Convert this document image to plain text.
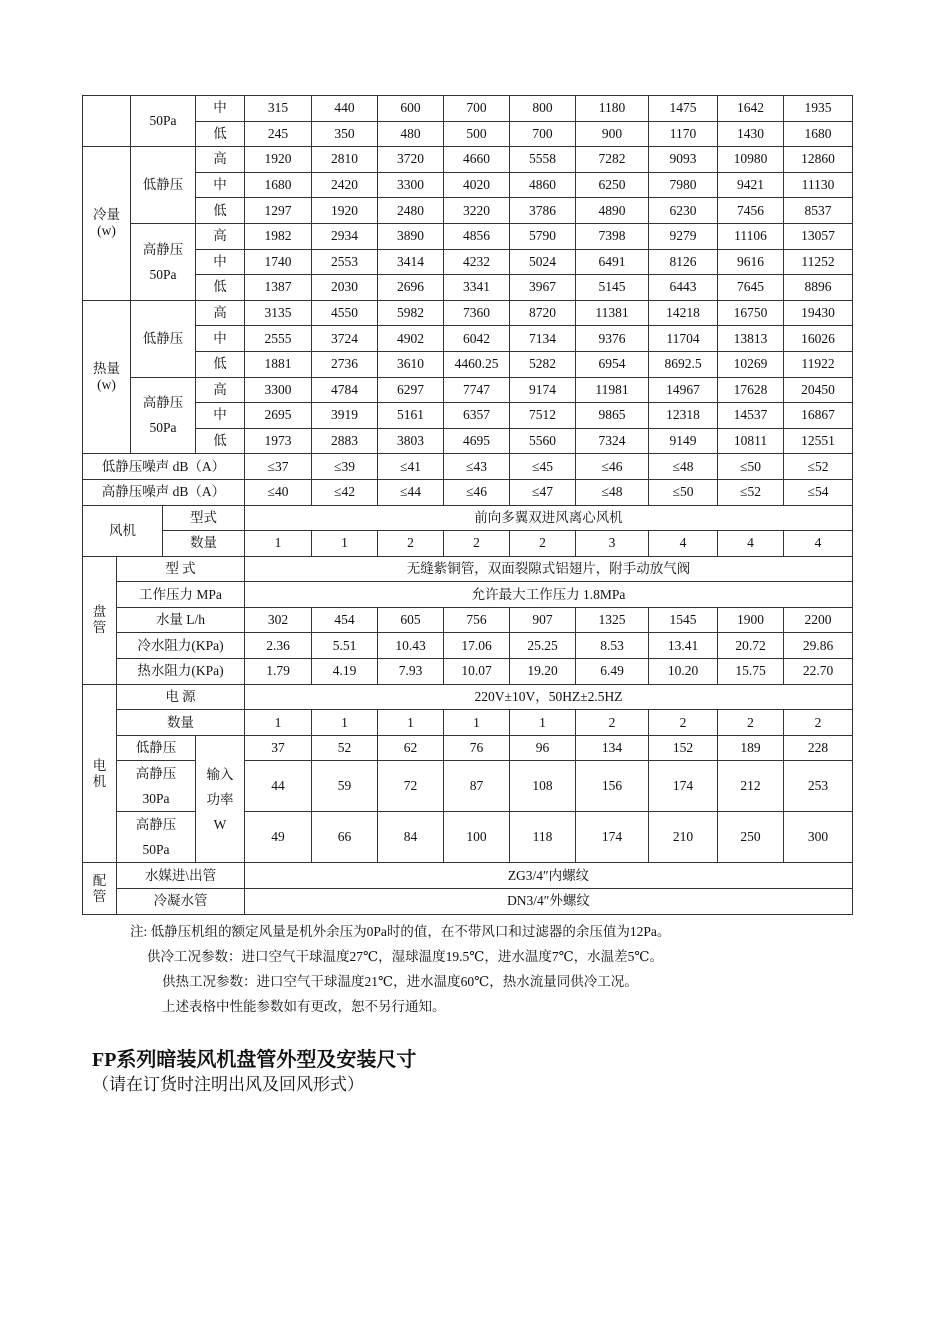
		50Pa		中	315	440	600	700	800	1180	1475	1642	1935
				低	245	350	480	500	700	900	1170	1430	1680
冷量
(w)		低静压		高	1920	2810	3720	4660	5558	7282	9093	10980	12860
				中	1680	2420	3300	4020	4860	6250	7980	9421	11130
				低	1297	1920	2480	3220	3786	4890	6230	7456	8537
		高静压
50Pa		高	1982	2934	3890	4856	5790	7398	9279	11106	13057
				中	1740	2553	3414	4232	5024	6491	8126	9616	11252
				低	1387	2030	2696	3341	3967	5145	6443	7645	8896
热量
(w)		低静压		高	3135	4550	5982	7360	8720	11381	14218	16750	19430
				中	2555	3724	4902	6042	7134	9376	11704	13813	16026
				低	1881	2736	3610	4460.25	5282	6954	8692.5	10269	11922
		高静压
50Pa		高	3300	4784	6297	7747	9174	11981	14967	17628	20450
				中	2695	3919	5161	6357	7512	9865	12318	14537	16867
				低	1973	2883	3803	4695	5560	7324	9149	10811	12551
低静压噪声 dB（A）					≤37	≤39	≤41	≤43	≤45	≤46	≤48	≤50	≤52
高静压噪声 dB（A）					≤40	≤42	≤44	≤46	≤47	≤48	≤50	≤52	≤54
风机			型式		前向多翼双进风离心风机								
			数量		1	1	2	2	2	3	4	4	4
盘
管	型 式				无缝紫铜管，双面裂隙式铝翅片，附手动放气阀								
	工作压力 MPa				允许最大工作压力 1.8MPa								
	水量 L/h				302	454	605	756	907	1325	1545	1900	2200
	冷水阻力(KPa)				2.36	5.51	10.43	17.06	25.25	8.53	13.41	20.72	29.86
	热水阻力(KPa)				1.79	4.19	7.93	10.07	19.20	6.49	10.20	15.75	22.70
电
机	电 源				220V±10V，50HZ±2.5HZ								
	数量				1	1	1	1	1	2	2	2	2
	低静压			输入
功率
W	37	52	62	76	96	134	152	189	228
	高静压
30Pa				44	59	72	87	108	156	174	212	253
	高静压
50Pa				49	66	84	100	118	174	210	250	300
配
管	水媒进\出管				ZG3/4″内螺纹								
	冷凝水管				DN3/4″外螺纹								
注: 低静压机组的额定风量是机外余压为0Pa时的值，在不带风口和过滤器的余压值为12Pa。
供冷工况参数：进口空气干球温度27℃，湿球温度19.5℃，进水温度7℃，水温差5℃。
供热工况参数：进口空气干球温度21℃，进水温度60℃，热水流量同供冷工况。
上述表格中性能参数如有更改，恕不另行通知。
FP系列暗装风机盘管外型及安装尺寸
（请在订货时注明出风及回风形式）
